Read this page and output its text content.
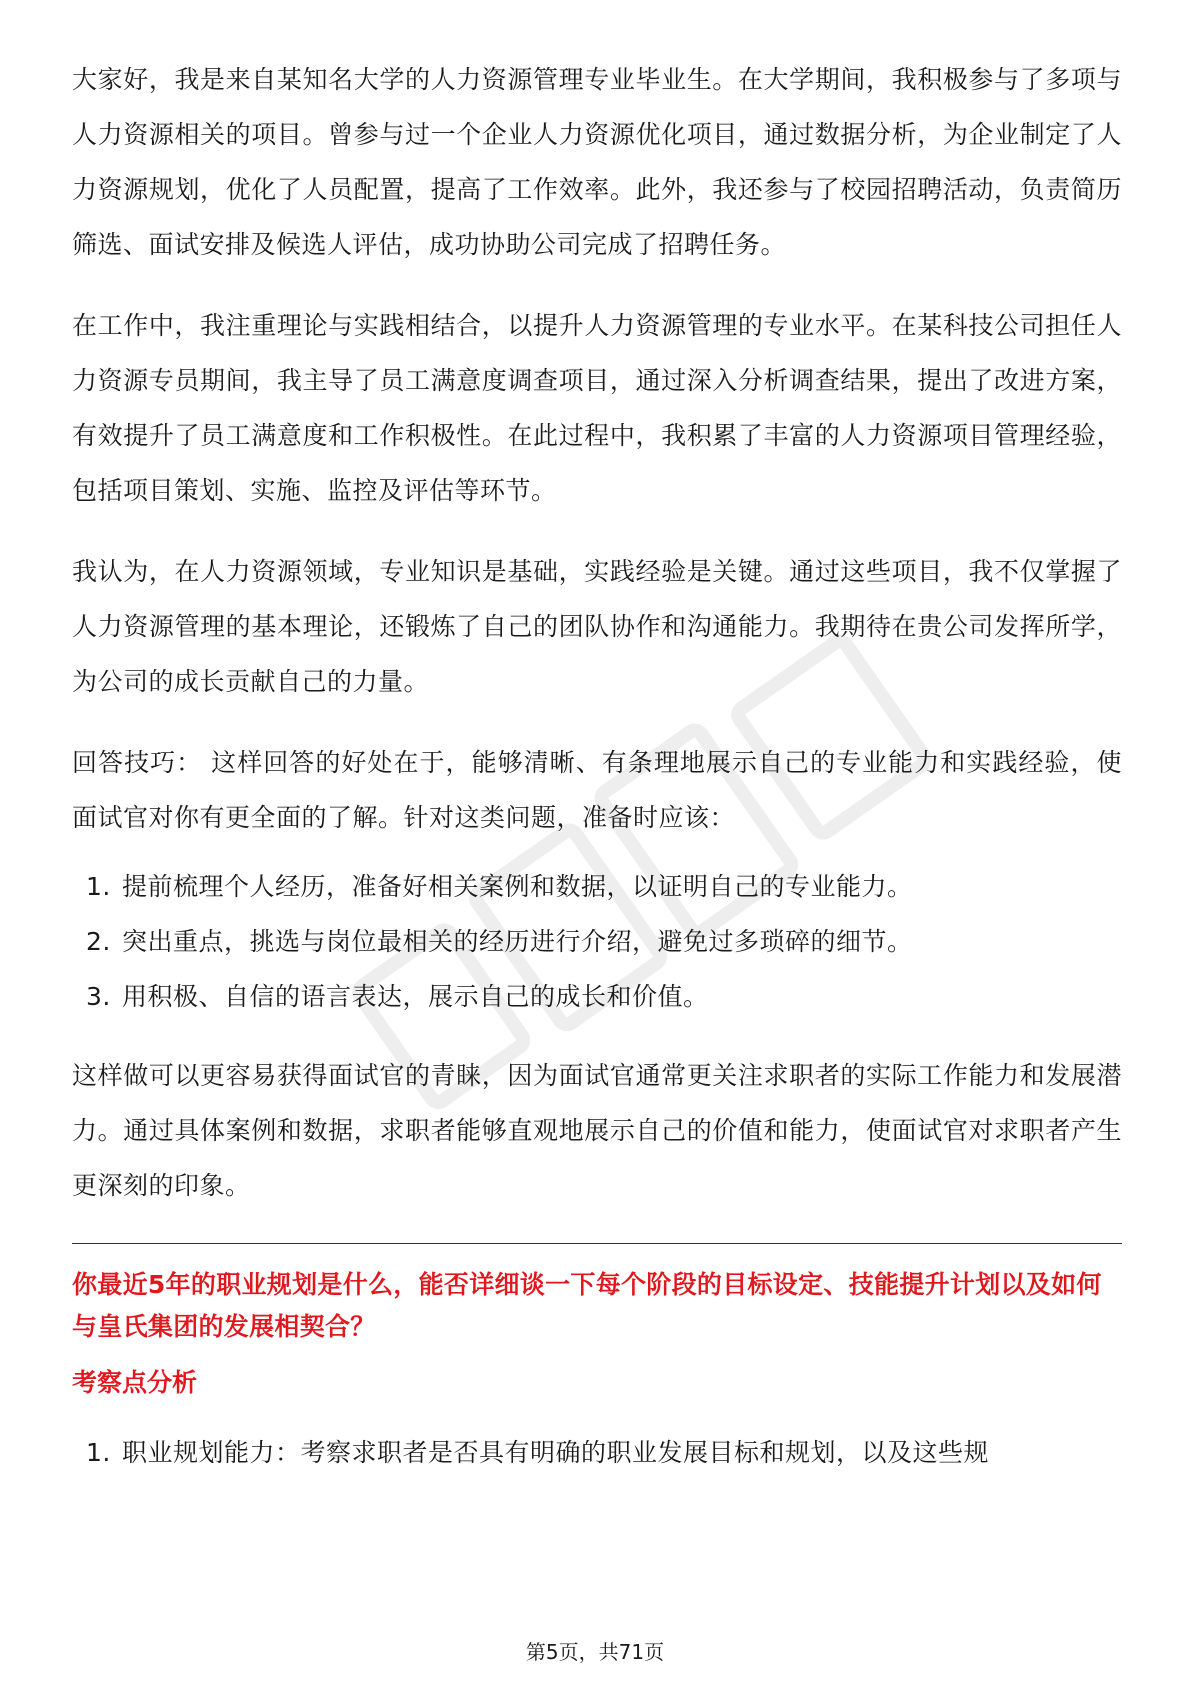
大家好，我是来自某知名大学的人力资源管理专业毕业生。在大学期间，我积极参与了多项与人力资源相关的项目。曾参与过一个企业人力资源优化项目，通过数据分析，为企业制定了人力资源规划，优化了人员配置，提高了工作效率。此外，我还参与了校园招聘活动，负责简历筛选、面试安排及候选人评估，成功协助公司完成了招聘任务。

在工作中，我注重理论与实践相结合，以提升人力资源管理的专业水平。在某科技公司担任人力资源专员期间，我主导了员工满意度调查项目，通过深入分析调查结果，提出了改进方案，有效提升了员工满意度和工作积极性。在此过程中，我积累了丰富的人力资源项目管理经验，包括项目策划、实施、监控及评估等环节。

我认为，在人力资源领域，专业知识是基础，实践经验是关键。通过这些项目，我不仅掌握了人力资源管理的基本理论，还锻炼了自己的团队协作和沟通能力。我期待在贵公司发挥所学，为公司的成长贡献自己的力量。

回答技巧： 这样回答的好处在于，能够清晰、有条理地展示自己的专业能力和实践经验，使面试官对你有更全面的了解。针对这类问题，准备时应该：

1. 提前梳理个人经历，准备好相关案例和数据，以证明自己的专业能力。
2. 突出重点，挑选与岗位最相关的经历进行介绍，避免过多琐碎的细节。
3. 用积极、自信的语言表达，展示自己的成长和价值。

这样做可以更容易获得面试官的青睐，因为面试官通常更关注求职者的实际工作能力和发展潜力。通过具体案例和数据，求职者能够直观地展示自己的价值和能力，使面试官对求职者产生更深刻的印象。

你最近5年的职业规划是什么，能否详细谈一下每个阶段的目标设定、技能提升计划以及如何与皇氏集团的发展相契合？
考察点分析
1. 职业规划能力：考察求职者是否具有明确的职业发展目标和规划，以及这些规
第5页，共71页
